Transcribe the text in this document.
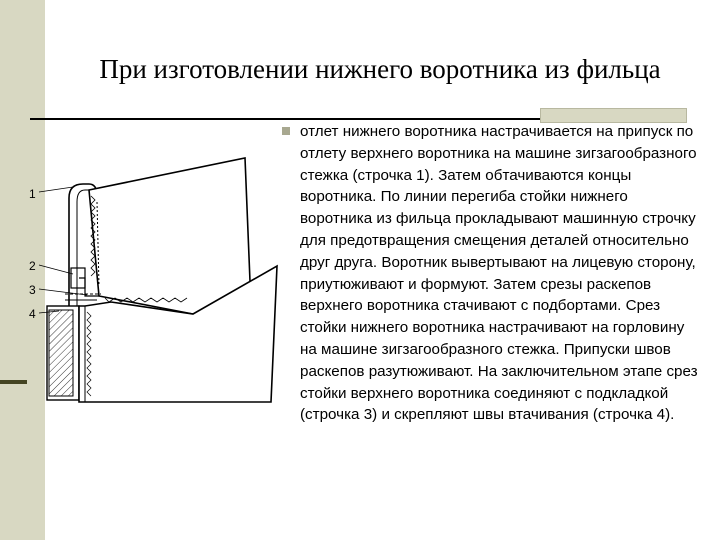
При изготовлении нижнего воротника из фильца
отлет нижнего воротника настрачивается на припуск по отлету верхнего воротника на машине зигзагообразного стежка (строчка 1). Затем обтачиваются концы воротника. По линии перегиба стойки нижнего воротника из фильца прокладывают машинную строчку для предотвращения смещения деталей относительно друг друга. Воротник вывертывают на лицевую сторону, приутюживают и формуют. Затем срезы раскепов верхнего воротника стачивают с подбортами. Срез стойки нижнего воротника настрачивают на горловину на машине зигзагообразного стежка. Припуски швов раскепов разутюживают. На заключительном этапе срез стойки верхнего воротника соединяют с подкладкой (строчка 3) и скрепляют швы втачивания (строчка 4).
1
2
3
4
